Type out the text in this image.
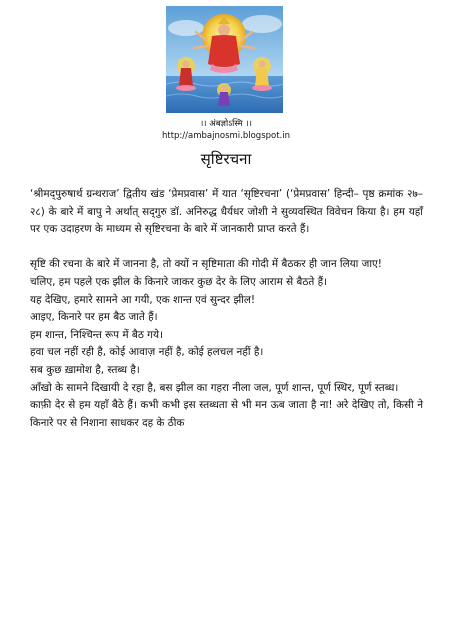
।। अंबज्ञोऽस्मि ।।
http://ambajnosmi.blogspot.in
सृष्टिरचना

‘श्रीमद्‌पुरुषार्थ ग्रन्थराज’ द्वितीय खंड ‘प्रेमप्रवास’ में यात ‘सृष्टिरचना’ (‘प्रेमप्रवास’ हिन्दी– पृष्ठ क्रमांक २७–२८) के बारे में बापु ने अर्थात्‌ सद्‌गुरु डॉ. अनिरुद्ध धैर्यधर जोशी ने सुव्यवस्थित विवेचन किया है। हम यहाँ पर एक उदाहरण के माध्यम से सृष्टिरचना के बारे में जानकारी प्राप्त करते हैं।

सृष्टि की रचना के बारे में जानना है, तो क्यों न सृष्टिमाता की गोदी में बैठकर ही जान लिया जाए!

चलिए, हम पहले एक झील के किनारे जाकर कुछ देर के लिए आराम से बैठते हैं।

यह देखिए, हमारे सामने आ गयी, एक शान्त एवं सुन्दर झील!

आइए, किनारे पर हम बैठ जाते हैं।

हम शान्त, निश्चिन्त रूप में बैठ गये।

हवा चल नहीं रही है, कोई आवाज़ नहीं है, कोई हलचल नहीं है।

सब कुछ ख़ामोश है, स्तब्ध है।

आँखो के सामने दिखायी दे रहा है, बस झील का गहरा नीला जल, पूर्ण शान्त, पूर्ण स्थिर, पूर्ण स्तब्ध।

काफ़ी देर से हम यहाँ बैठे हैं। कभी कभी इस स्तब्धता से भी मन ऊब जाता है ना! अरे देखिए तो, किसी ने किनारे पर से निशाना साधकर दह के ठीक
